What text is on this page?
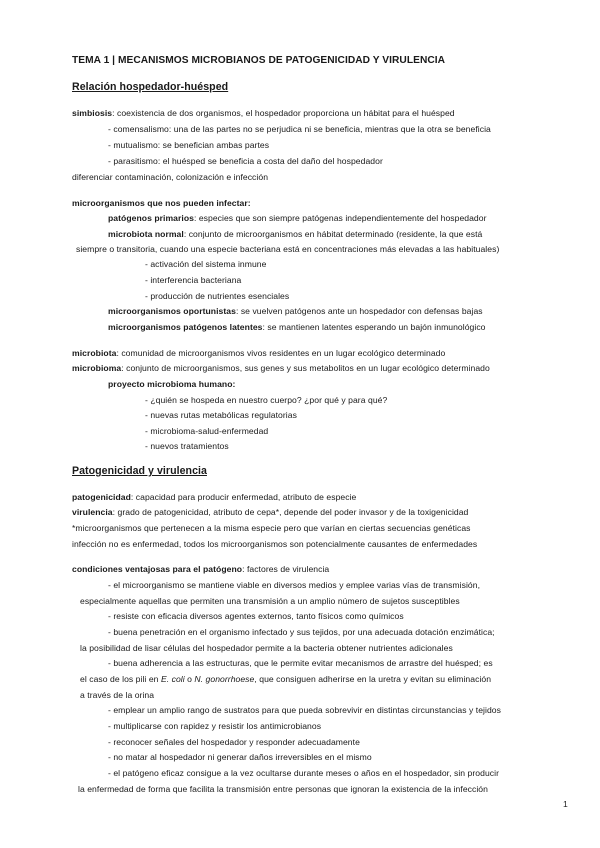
TEMA 1 | MECANISMOS MICROBIANOS DE PATOGENICIDAD Y VIRULENCIA
Relación hospedador-huésped
simbiosis: coexistencia de dos organismos, el hospedador proporciona un hábitat para el huésped
- comensalismo: una de las partes no se perjudica ni se beneficia, mientras que la otra se beneficia
- mutualismo: se benefician ambas partes
- parasitismo: el huésped se beneficia a costa del daño del hospedador
diferenciar contaminación, colonización e infección
microorganismos que nos pueden infectar:
patógenos primarios: especies que son siempre patógenas independientemente del hospedador
microbiota normal: conjunto de microorganismos en hábitat determinado (residente, la que está
siempre o transitoria, cuando una especie bacteriana está en concentraciones más elevadas a las habituales)
- activación del sistema inmune
- interferencia bacteriana
- producción de nutrientes esenciales
microorganismos oportunistas: se vuelven patógenos ante un hospedador con defensas bajas
microorganismos patógenos latentes: se mantienen latentes esperando un bajón inmunológico
microbiota: comunidad de microorganismos vivos residentes en un lugar ecológico determinado
microbioma: conjunto de microorganismos, sus genes y sus metabolitos en un lugar ecológico determinado
proyecto microbioma humano:
- ¿quién se hospeda en nuestro cuerpo? ¿por qué y para qué?
- nuevas rutas metabólicas regulatorias
- microbioma-salud-enfermedad
- nuevos tratamientos
Patogenicidad y virulencia
patogenicidad: capacidad para producir enfermedad, atributo de especie
virulencia: grado de patogenicidad, atributo de cepa*, depende del poder invasor y de la toxigenicidad
*microorganismos que pertenecen a la misma especie pero que varían en ciertas secuencias genéticas
infección no es enfermedad, todos los microorganismos son potencialmente causantes de enfermedades
condiciones ventajosas para el patógeno: factores de virulencia
- el microorganismo se mantiene viable en diversos medios y emplee varias vías de transmisión,
especialmente aquellas que permiten una transmisión a un amplio número de sujetos susceptibles
- resiste con eficacia diversos agentes externos, tanto físicos como químicos
- buena penetración en el organismo infectado y sus tejidos, por una adecuada dotación enzimática;
la posibilidad de lisar células del hospedador permite a la bacteria obtener nutrientes adicionales
- buena adherencia a las estructuras, que le permite evitar mecanismos de arrastre del huésped; es
el caso de los pili en E. coli o N. gonorrhoese, que consiguen adherirse en la uretra y evitan su eliminación
a través de la orina
- emplear un amplio rango de sustratos para que pueda sobrevivir en distintas circunstancias y tejidos
- multiplicarse con rapidez y resistir los antimicrobianos
- reconocer señales del hospedador y responder adecuadamente
- no matar al hospedador ni generar daños irreversibles en el mismo
- el patógeno eficaz consigue a la vez ocultarse durante meses o años en el hospedador, sin producir
la enfermedad de forma que facilita la transmisión entre personas que ignoran la existencia de la infección
1
